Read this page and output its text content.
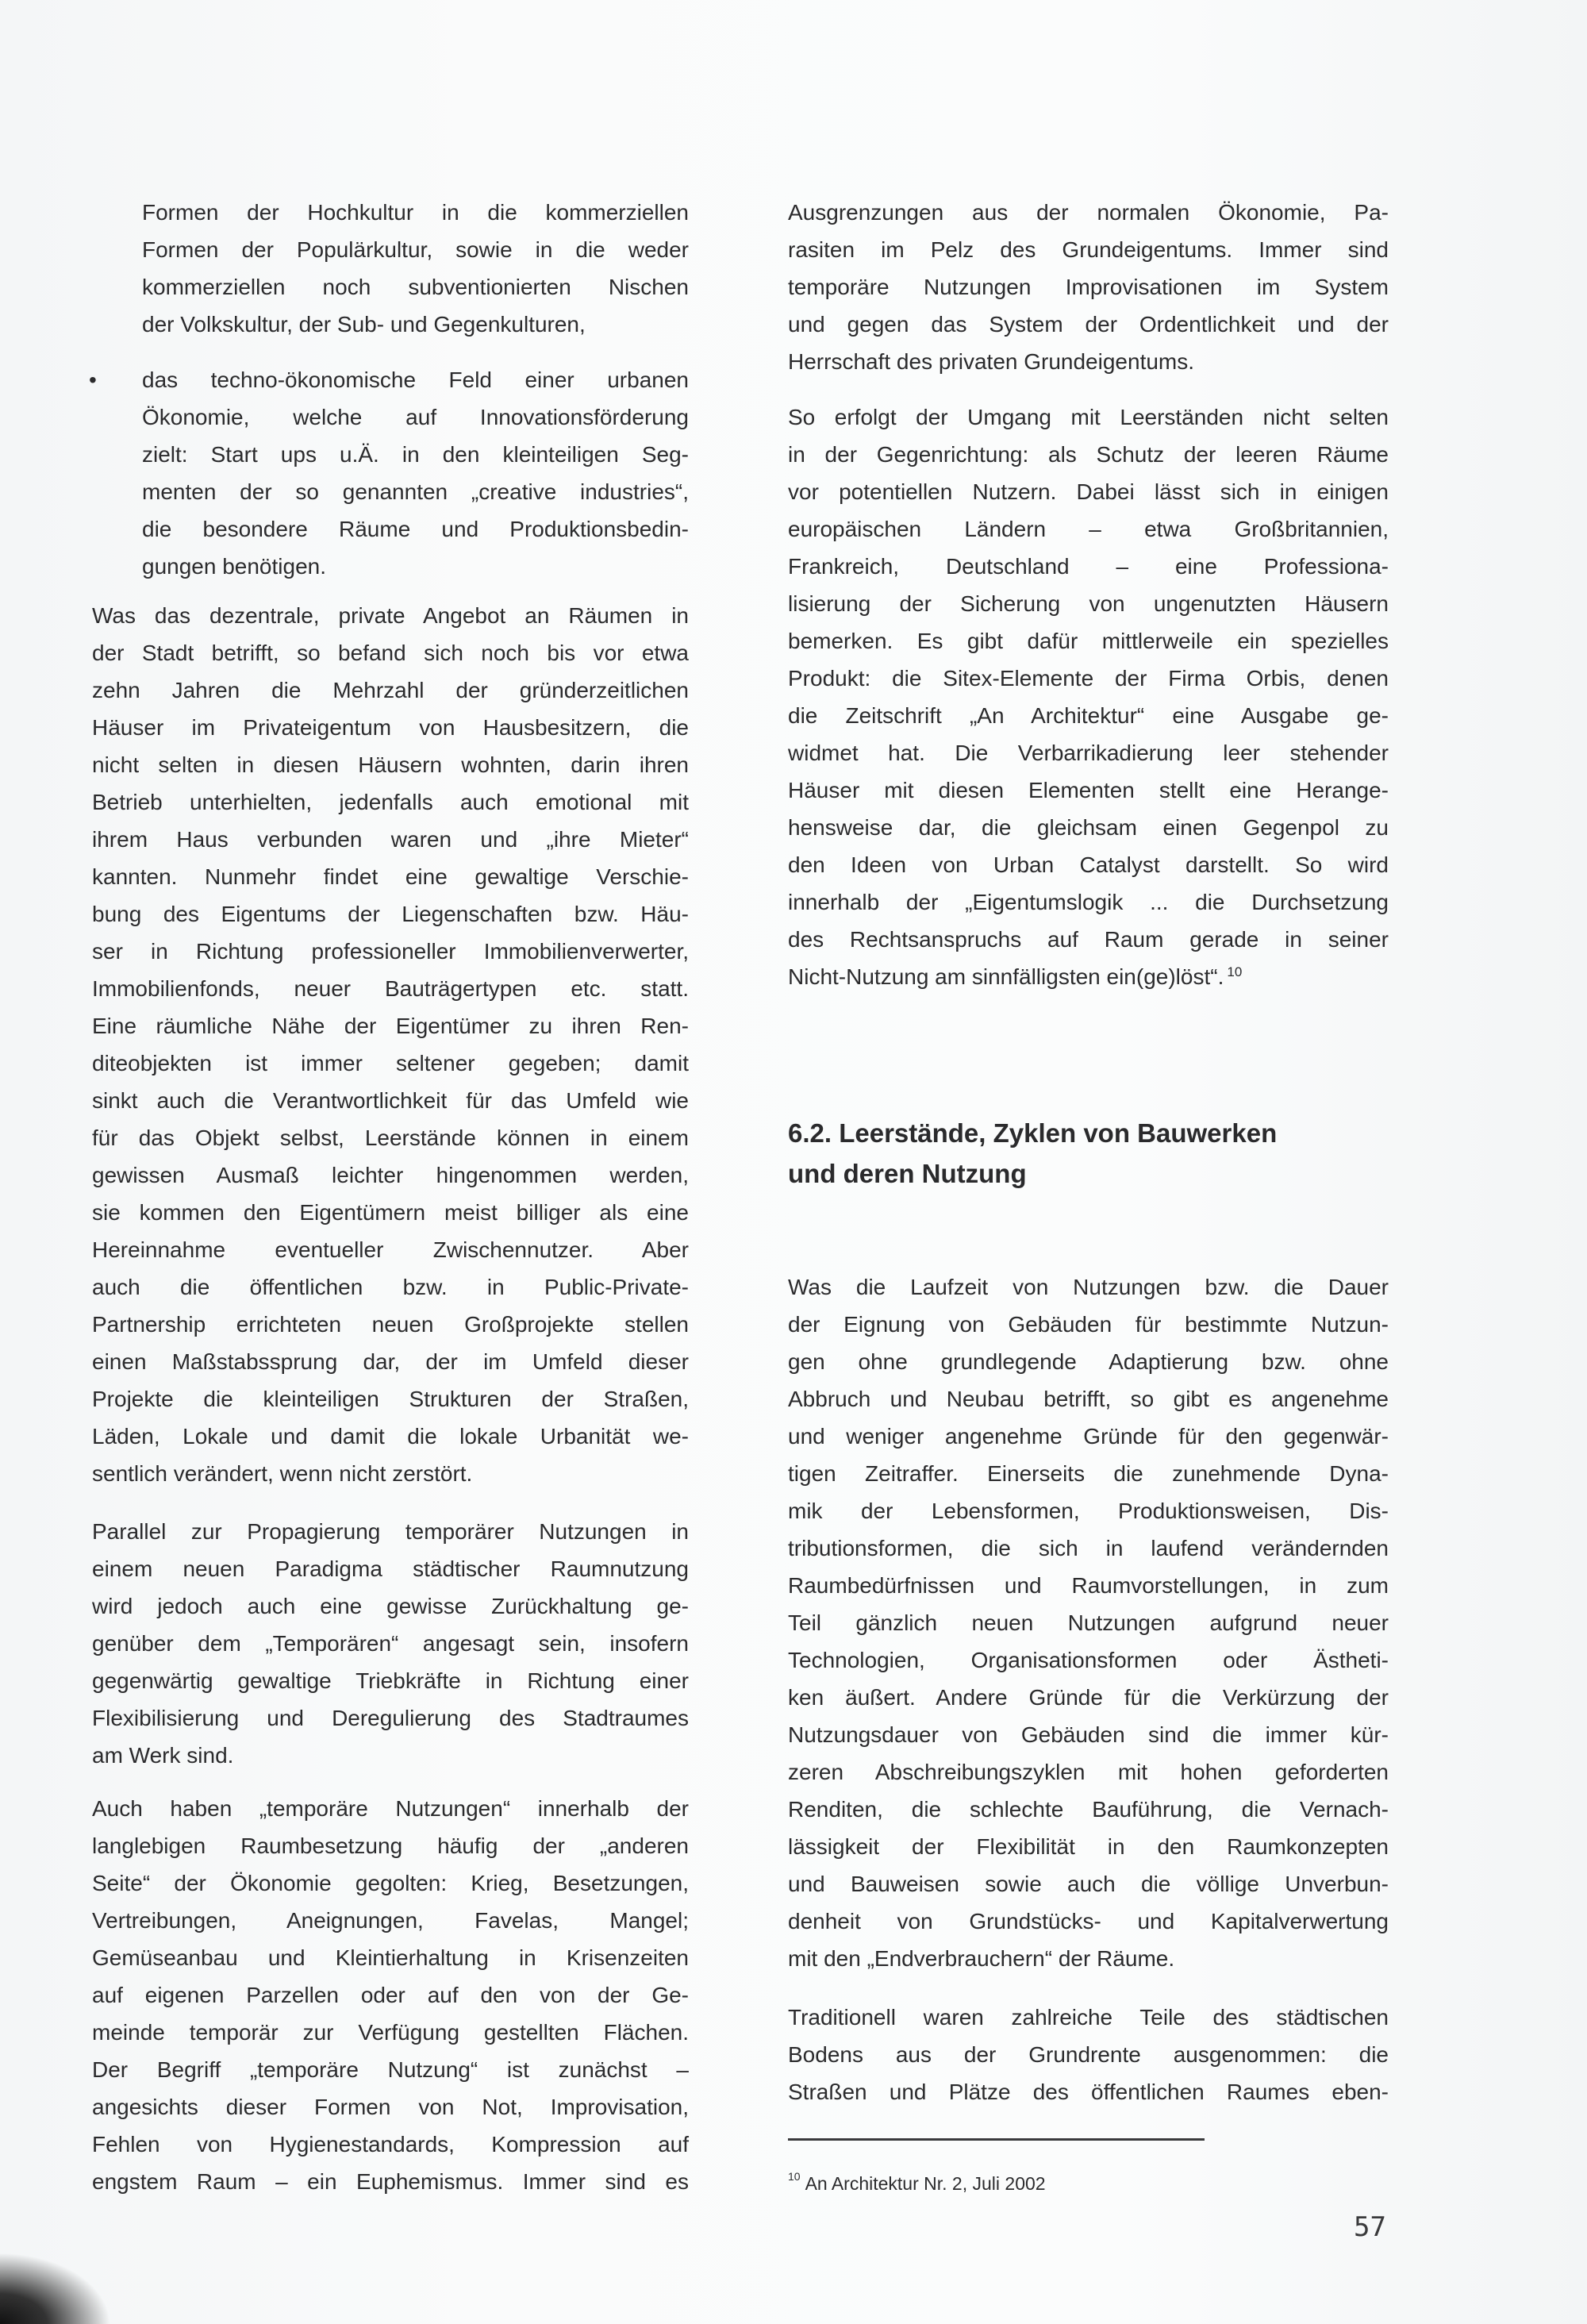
Formen der Hochkultur in die kommerziellen
Formen der Populärkultur, sowie in die weder
kommerziellen noch subventionierten Nischen
der Volkskultur, der Sub- und Gegenkulturen,
• das techno-ökonomische Feld einer urbanen
Ökonomie, welche auf Innovationsförderung
zielt: Start ups u.Ä. in den kleinteiligen Seg-
menten der so genannten „creative industries“,
die besondere Räume und Produktionsbedin-
gungen benötigen.
Was das dezentrale, private Angebot an Räumen in
der Stadt betrifft, so befand sich noch bis vor etwa
zehn Jahren die Mehrzahl der gründerzeitlichen
Häuser im Privateigentum von Hausbesitzern, die
nicht selten in diesen Häusern wohnten, darin ihren
Betrieb unterhielten, jedenfalls auch emotional mit
ihrem Haus verbunden waren und „ihre Mieter“
kannten. Nunmehr findet eine gewaltige Verschie-
bung des Eigentums der Liegenschaften bzw. Häu-
ser in Richtung professioneller Immobilienverwerter,
Immobilienfonds, neuer Bauträgertypen etc. statt.
Eine räumliche Nähe der Eigentümer zu ihren Ren-
diteobjekten ist immer seltener gegeben; damit
sinkt auch die Verantwortlichkeit für das Umfeld wie
für das Objekt selbst, Leerstände können in einem
gewissen Ausmaß leichter hingenommen werden,
sie kommen den Eigentümern meist billiger als eine
Hereinnahme eventueller Zwischennutzer. Aber
auch die öffentlichen bzw. in Public-Private-
Partnership errichteten neuen Großprojekte stellen
einen Maßstabssprung dar, der im Umfeld dieser
Projekte die kleinteiligen Strukturen der Straßen,
Läden, Lokale und damit die lokale Urbanität we-
sentlich verändert, wenn nicht zerstört.
Parallel zur Propagierung temporärer Nutzungen in
einem neuen Paradigma städtischer Raumnutzung
wird jedoch auch eine gewisse Zurückhaltung ge-
genüber dem „Temporären“ angesagt sein, insofern
gegenwärtig gewaltige Triebkräfte in Richtung einer
Flexibilisierung und Deregulierung des Stadtraumes
am Werk sind.
Auch haben „temporäre Nutzungen“ innerhalb der
langlebigen Raumbesetzung häufig der „anderen
Seite“ der Ökonomie gegolten: Krieg, Besetzungen,
Vertreibungen, Aneignungen, Favelas, Mangel;
Gemüseanbau und Kleintierhaltung in Krisenzeiten
auf eigenen Parzellen oder auf den von der Ge-
meinde temporär zur Verfügung gestellten Flächen.
Der Begriff „temporäre Nutzung“ ist zunächst –
angesichts dieser Formen von Not, Improvisation,
Fehlen von Hygienestandards, Kompression auf
engstem Raum – ein Euphemismus. Immer sind es
Ausgrenzungen aus der normalen Ökonomie, Pa-
rasiten im Pelz des Grundeigentums. Immer sind
temporäre Nutzungen Improvisationen im System
und gegen das System der Ordentlichkeit und der
Herrschaft des privaten Grundeigentums.
So erfolgt der Umgang mit Leerständen nicht selten
in der Gegenrichtung: als Schutz der leeren Räume
vor potentiellen Nutzern. Dabei lässt sich in einigen
europäischen Ländern – etwa Großbritannien,
Frankreich, Deutschland – eine Professiona-
lisierung der Sicherung von ungenutzten Häusern
bemerken. Es gibt dafür mittlerweile ein spezielles
Produkt: die Sitex-Elemente der Firma Orbis, denen
die Zeitschrift „An Architektur“ eine Ausgabe ge-
widmet hat. Die Verbarrikadierung leer stehender
Häuser mit diesen Elementen stellt eine Herange-
hensweise dar, die gleichsam einen Gegenpol zu
den Ideen von Urban Catalyst darstellt. So wird
innerhalb der „Eigentumslogik ... die Durchsetzung
des Rechtsanspruchs auf Raum gerade in seiner
Nicht-Nutzung am sinnfälligsten ein(ge)löst“. $^{10}$
6.2. Leerstände, Zyklen von Bauwerken
und deren Nutzung
Was die Laufzeit von Nutzungen bzw. die Dauer
der Eignung von Gebäuden für bestimmte Nutzun-
gen ohne grundlegende Adaptierung bzw. ohne
Abbruch und Neubau betrifft, so gibt es angenehme
und weniger angenehme Gründe für den gegenwär-
tigen Zeitraffer. Einerseits die zunehmende Dyna-
mik der Lebensformen, Produktionsweisen, Dis-
tributionsformen, die sich in laufend verändernden
Raumbedürfnissen und Raumvorstellungen, in zum
Teil gänzlich neuen Nutzungen aufgrund neuer
Technologien, Organisationsformen oder Ästheti-
ken äußert. Andere Gründe für die Verkürzung der
Nutzungsdauer von Gebäuden sind die immer kür-
zeren Abschreibungszyklen mit hohen geforderten
Renditen, die schlechte Bauführung, die Vernach-
lässigkeit der Flexibilität in den Raumkonzepten
und Bauweisen sowie auch die völlige Unverbun-
denheit von Grundstücks- und Kapitalverwertung
mit den „Endverbrauchern“ der Räume.
Traditionell waren zahlreiche Teile des städtischen
Bodens aus der Grundrente ausgenommen: die
Straßen und Plätze des öffentlichen Raumes eben-
$^{10}$ An Architektur Nr. 2, Juli 2002
57
